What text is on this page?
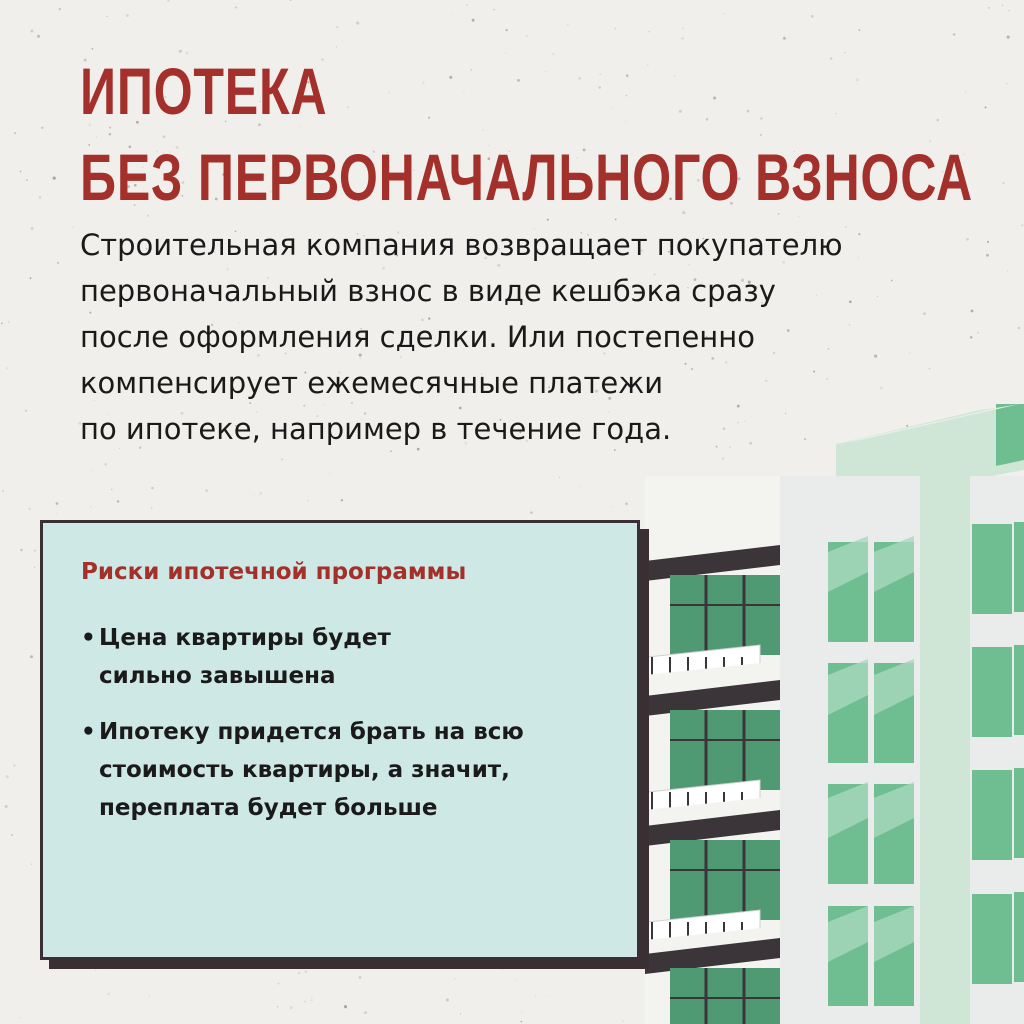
ИПОТЕКА
БЕЗ ПЕРВОНАЧАЛЬНОГО ВЗНОСА

Строительная компания возвращает покупателю
первоначальный взнос в виде кешбэка сразу
после оформления сделки. Или постепенно
компенсирует ежемесячные платежи
по ипотеке, например в течение года.

Риски ипотечной программы
• Цена квартиры будет
сильно завышена
• Ипотеку придется брать на всю
стоимость квартиры, а значит,
переплата будет больше
